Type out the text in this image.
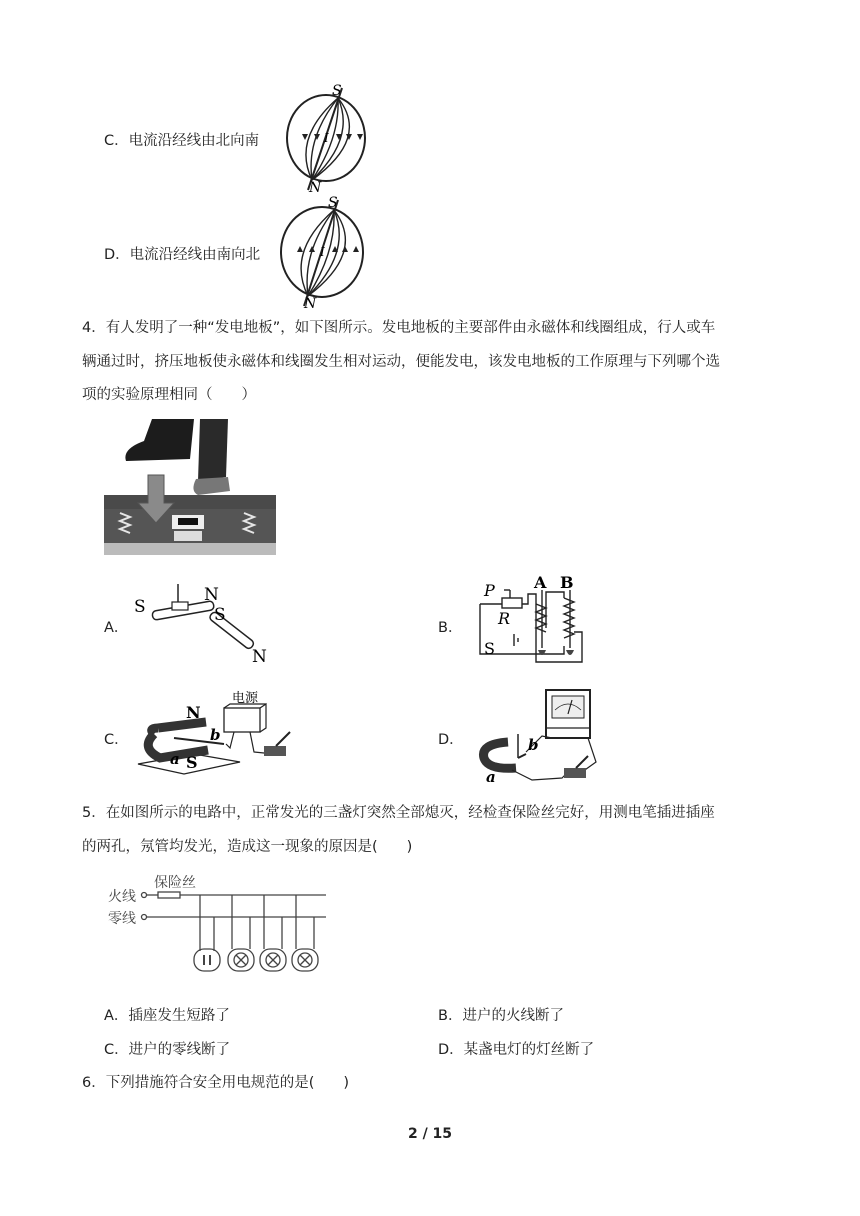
C．电流沿经线由北向南
S
N
I
D．电流沿经线由南向北
S
N
I
4．有人发明了一种“发电地板”，如下图所示。发电地板的主要部件由永磁体和线圈组成，行人或车
辆通过时，挤压地板使永磁体和线圈发生相对运动，便能发电，该发电地板的工作原理与下列哪个选
项的实验原理相同（　　）
A．
S
N
S
N
B．
P
R
S
A B
C．
电源
N
S
a
b	D．
a
b
5．在如图所示的电路中，正常发光的三盏灯突然全部熄灭，经检查保险丝完好，用测电笔插进插座
的两孔，氖管均发光，造成这一现象的原因是(　　)
保险丝
火线
零线
A．插座发生短路了	B．进户的火线断了
C．进户的零线断了	D．某盏电灯的灯丝断了
6．下列措施符合安全用电规范的是(　　)
2 / 15
